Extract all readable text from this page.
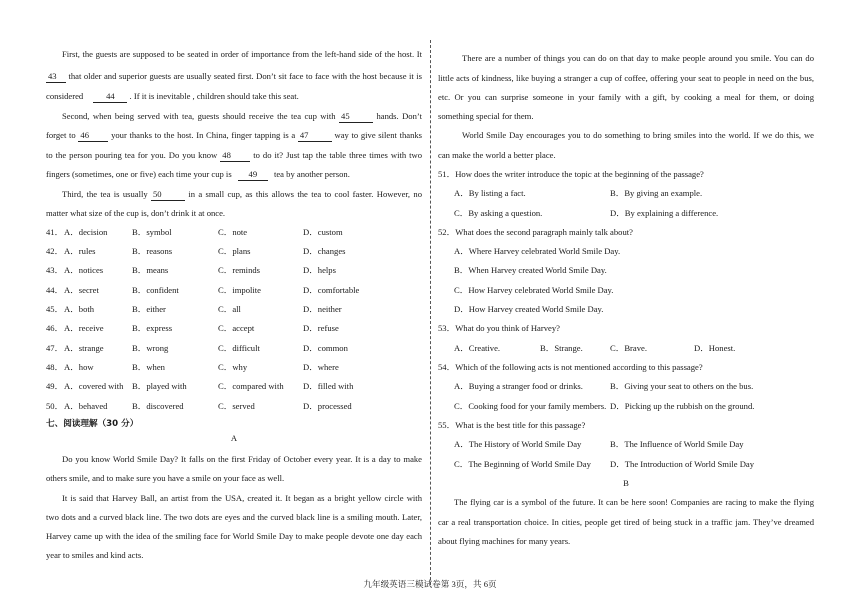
First, the guests are supposed to be seated in order of importance from the left-hand side of the host. It
43 that older and superior guests are usually seated first. Don’t sit face to face with the host because it is
considered	44 . If it is inevitable , children should take this seat.
Second, when being served with tea, guests should receive the tea cup with 45	hands. Don’t
forget to 46	your thanks to the host. In China, finger tapping is a 47	way to give silent thanks
to the person pouring tea for you. Do you know 48	to do it? Just tap the table three times with two
fingers (sometimes, one or five) each time your cup is 49 tea by another person.
Third, the tea is usually 50	in a small cup, as this allows the tea to cool faster. However, no
matter what size of the cup is, don’t drink it at once.
41． A．decision	B．symbol	C．note	D．custom
42． A．rules	B．reasons	C．plans	D．changes
43． A．notices	B．means	C．reminds	D．helps
44． A．secret	B．confident	C．impolite	D．comfortable
45． A．both	B．either	C．all	D．neither
46． A．receive	B．express	C．accept	D．refuse
47． A．strange	B．wrong	C．difficult	D．common
48． A．how	B．when	C．why	D．where
49． A．covered with B．played with	C．compared with D．filled with
50． A．behaved	B．discovered	C．served	D．processed
七、阅读理解（30 分）
A
Do you know World Smile Day? It falls on the first Friday of October every year. It is a day to make
others smile, and to make sure you have a smile on your face as well.
It is said that Harvey Ball, an artist from the USA, created it. It began as a bright yellow circle with
two dots and a curved black line. The two dots are eyes and the curved black line is a smiling mouth. Later,
Harvey came up with the idea of the smiling face for World Smile Day to make people devote one day each
year to smiles and kind acts.
There are a number of things you can do on that day to make people around you smile. You can do
little acts of kindness, like buying a stranger a cup of coffee, offering your seat to people in need on the bus,
etc. Or you can surprise someone in your family with a gift, by cooking a meal for them, or doing
something special for them.
World Smile Day encourages you to do something to bring smiles into the world. If we do this, we
can make the world a better place.
51．How does the writer introduce the topic at the beginning of the passage?
A．By listing a fact.	B．By giving an example.
C．By asking a question.	D．By explaining a difference.
52．What does the second paragraph mainly talk about?
A．Where Harvey celebrated World Smile Day.
B．When Harvey created World Smile Day.
C．How Harvey celebrated World Smile Day.
D．How Harvey created World Smile Day.
53．What do you think of Harvey?
A．Creative.	B．Strange.	C．Brave.	D．Honest.
54．Which of the following acts is not mentioned according to this passage?
A．Buying a stranger food or drinks.	B．Giving your seat to others on the bus.
C．Cooking food for your family members. D．Picking up the rubbish on the ground.
55．What is the best title for this passage?
A．The History of World Smile Day	B．The Influence of World Smile Day
C．The Beginning of World Smile Day D．The Introduction of World Smile Day
B
The flying car is a symbol of the future. It can be here soon! Companies are racing to make the flying
car a real transportation choice. In cities, people get tired of being stuck in a traffic jam. They’ve dreamed
about flying machines for many years.
九年级英语三模试卷第 3页，共 6页
